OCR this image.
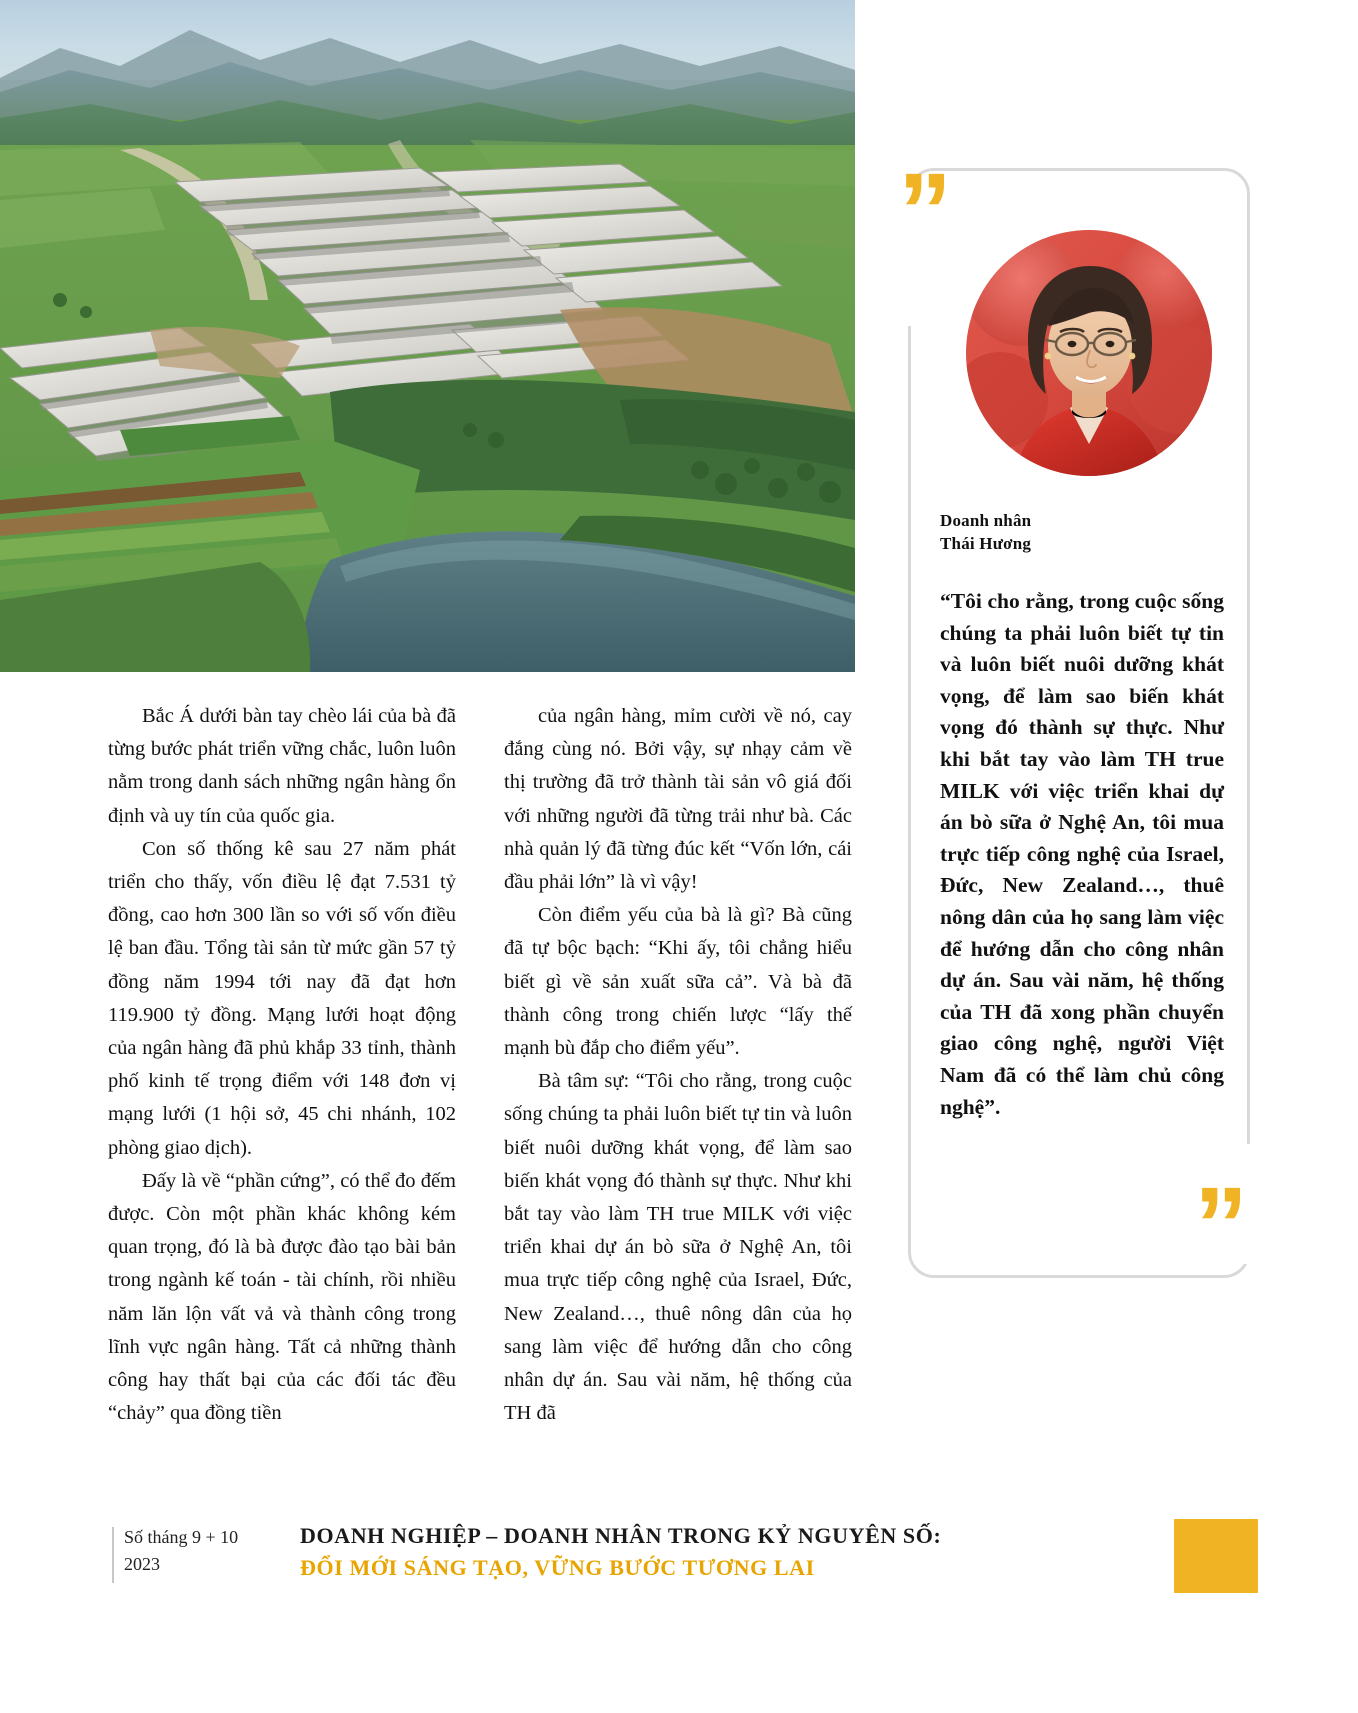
”
”
Doanh nhân
Thái Hương
“Tôi cho rằng, trong cuộc sống chúng ta phải luôn biết tự tin và luôn biết nuôi dưỡng khát vọng, để làm sao biến khát vọng đó thành sự thực. Như khi bắt tay vào làm TH true MILK với việc triển khai dự án bò sữa ở Nghệ An, tôi mua trực tiếp công nghệ của Israel, Đức, New Zealand…, thuê nông dân của họ sang làm việc để hướng dẫn cho công nhân dự án. Sau vài năm, hệ thống của TH đã xong phần chuyển giao công nghệ, người Việt Nam đã có thể làm chủ công nghệ”.

Bắc Á dưới bàn tay chèo lái của bà đã từng bước phát triển vững chắc, luôn luôn nằm trong danh sách những ngân hàng ổn định và uy tín của quốc gia.

Con số thống kê sau 27 năm phát triển cho thấy, vốn điều lệ đạt 7.531 tỷ đồng, cao hơn 300 lần so với số vốn điều lệ ban đầu. Tổng tài sản từ mức gần 57 tỷ đồng năm 1994 tới nay đã đạt hơn 119.900 tỷ đồng. Mạng lưới hoạt động của ngân hàng đã phủ khắp 33 tỉnh, thành phố kinh tế trọng điểm với 148 đơn vị mạng lưới (1 hội sở, 45 chi nhánh, 102 phòng giao dịch).

Đấy là về “phần cứng”, có thể đo đếm được. Còn một phần khác không kém quan trọng, đó là bà được đào tạo bài bản trong ngành kế toán - tài chính, rồi nhiều năm lăn lộn vất vả và thành công trong lĩnh vực ngân hàng. Tất cả những thành công hay thất bại của các đối tác đều “chảy” qua đồng tiền

của ngân hàng, mỉm cười về nó, cay đắng cùng nó. Bởi vậy, sự nhạy cảm về thị trường đã trở thành tài sản vô giá đối với những người đã từng trải như bà. Các nhà quản lý đã từng đúc kết “Vốn lớn, cái đầu phải lớn” là vì vậy!

Còn điểm yếu của bà là gì? Bà cũng đã tự bộc bạch: “Khi ấy, tôi chẳng hiểu biết gì về sản xuất sữa cả”. Và bà đã thành công trong chiến lược “lấy thế mạnh bù đắp cho điểm yếu”.

Bà tâm sự: “Tôi cho rằng, trong cuộc sống chúng ta phải luôn biết tự tin và luôn biết nuôi dưỡng khát vọng, để làm sao biến khát vọng đó thành sự thực. Như khi bắt tay vào làm TH true MILK với việc triển khai dự án bò sữa ở Nghệ An, tôi mua trực tiếp công nghệ của Israel, Đức, New Zealand…, thuê nông dân của họ sang làm việc để hướng dẫn cho công nhân dự án. Sau vài năm, hệ thống của TH đã

Số tháng 9 + 10
2023
DOANH NGHIỆP – DOANH NHÂN TRONG KỶ NGUYÊN SỐ:
ĐỔI MỚI SÁNG TẠO, VỮNG BƯỚC TƯƠNG LAI
